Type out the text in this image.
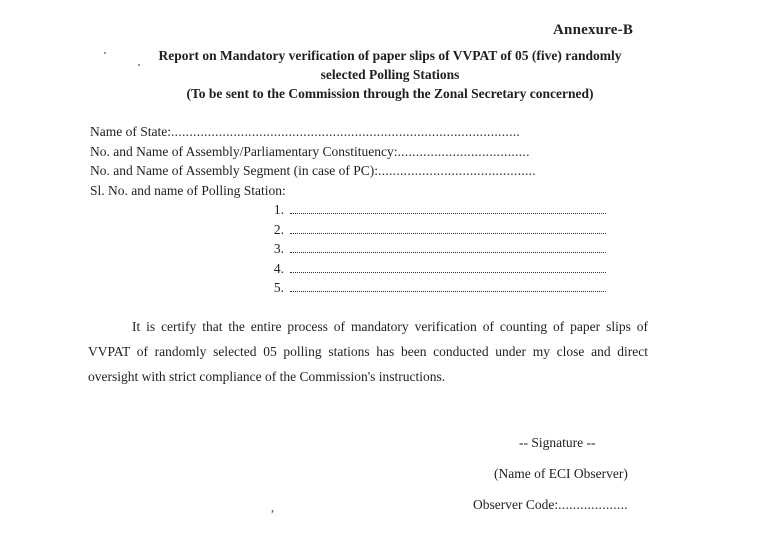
Annexure-B
Report on Mandatory verification of paper slips of VVPAT of 05 (five) randomly
selected Polling Stations
(To be sent to the Commission through the Zonal Secretary concerned)
Name of State:...............................................................................................
No. and Name of Assembly/Parliamentary Constituency:....................................
No. and Name of Assembly Segment (in case of PC):...........................................
Sl. No. and name of Polling Station:
1.
2.
3.
4.
5.
It is certify that the entire process of mandatory verification of counting of paper slips of VVPAT of randomly selected 05 polling stations has been conducted under my close and direct oversight with strict compliance of the Commission's instructions.
-- Signature --
(Name of ECI Observer)
Observer Code:...................
ʼ
